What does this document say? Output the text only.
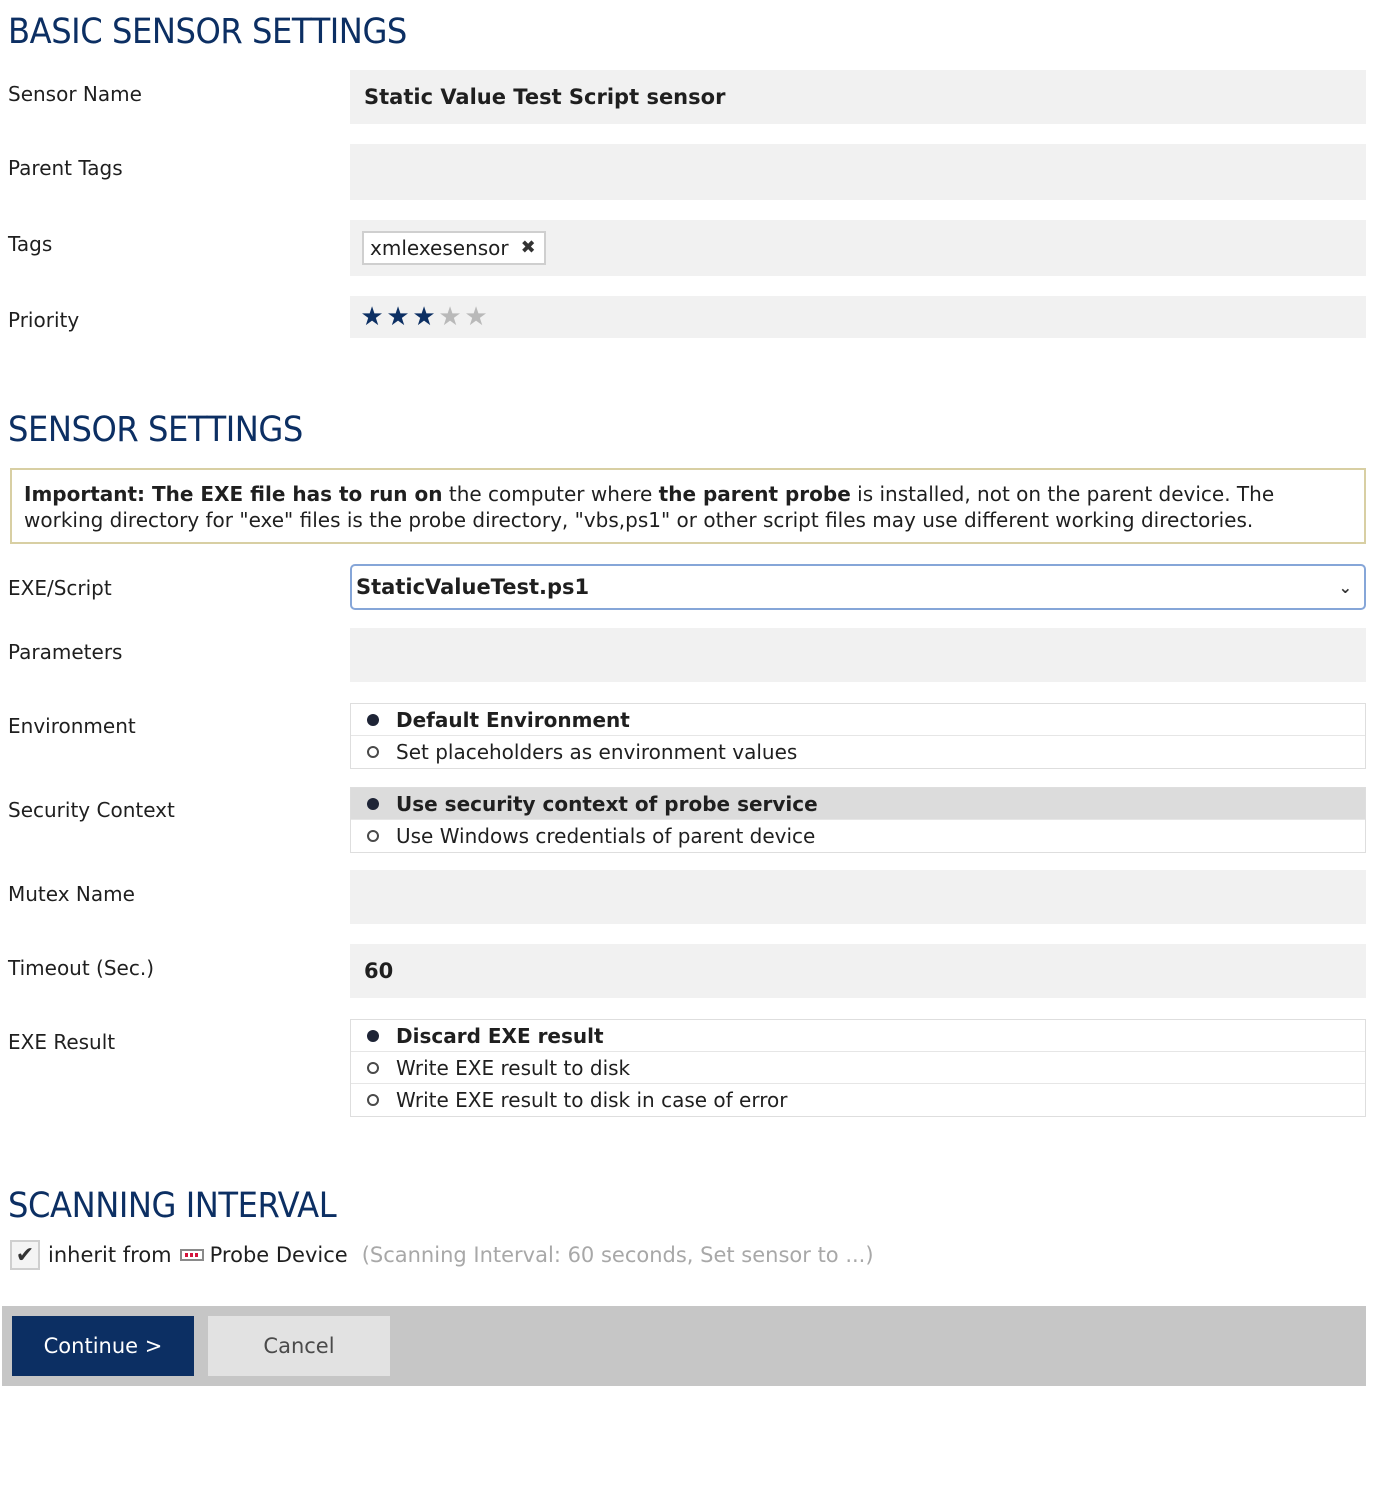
BASIC SENSOR SETTINGS
Sensor Name	Static Value Test Script sensor
Parent Tags
Tags	xmlexesensor ✖
Priority	★ ★ ★ ★ ★
SENSOR SETTINGS
Important: The EXE file has to run on the computer where the parent probe is installed, not on the parent device. The working directory for "exe" files is the probe directory, "vbs,ps1" or other script files may use different working directories.
EXE/Script	StaticValueTest.ps1	⌄
Parameters
Environment	Default Environment
Set placeholders as environment values
Security Context	Use security context of probe service
Use Windows credentials of parent device
Mutex Name
Timeout (Sec.)	60
EXE Result	Discard EXE result
Write EXE result to disk
Write EXE result to disk in case of error
SCANNING INTERVAL
✔ inherit from Probe Device (Scanning Interval: 60 seconds, Set sensor to ...)
Continue >	Cancel
